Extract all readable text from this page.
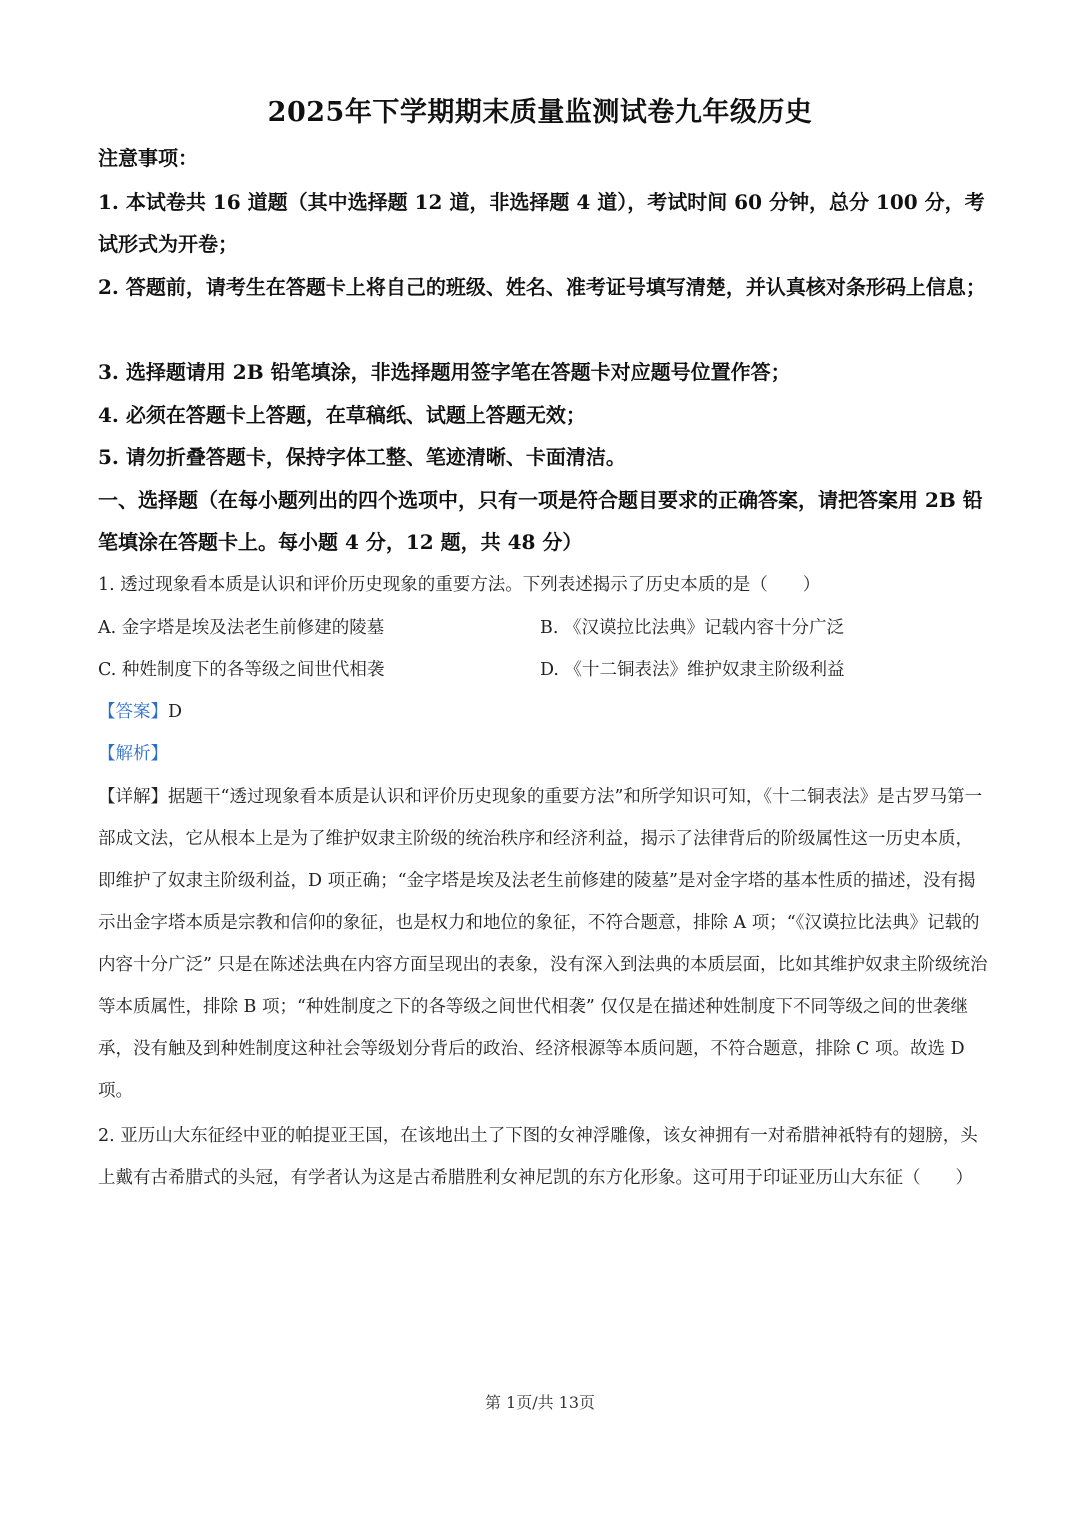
2025年下学期期末质量监测试卷九年级历史
注意事项：
1. 本试卷共 16 道题（其中选择题 12 道，非选择题 4 道），考试时间 60 分钟，总分 100 分，考试形式为开卷；
2. 答题前，请考生在答题卡上将自己的班级、姓名、准考证号填写清楚，并认真核对条形码上信息；
3. 选择题请用 2B 铅笔填涂，非选择题用签字笔在答题卡对应题号位置作答；
4. 必须在答题卡上答题，在草稿纸、试题上答题无效；
5. 请勿折叠答题卡，保持字体工整、笔迹清晰、卡面清洁。
一、选择题（在每小题列出的四个选项中，只有一项是符合题目要求的正确答案，请把答案用 2B 铅笔填涂在答题卡上。每小题 4 分，12 题，共 48 分）
1. 透过现象看本质是认识和评价历史现象的重要方法。下列表述揭示了历史本质的是（　　）
A. 金字塔是埃及法老生前修建的陵墓	B. 《汉谟拉比法典》记载内容十分广泛
C. 种姓制度下的各等级之间世代相袭	D. 《十二铜表法》维护奴隶主阶级利益
【答案】D
【解析】
【详解】据题干“透过现象看本质是认识和评价历史现象的重要方法”和所学知识可知，《十二铜表法》是古罗马第一部成文法，它从根本上是为了维护奴隶主阶级的统治秩序和经济利益，揭示了法律背后的阶级属性这一历史本质，即维护了奴隶主阶级利益，D 项正确；“金字塔是埃及法老生前修建的陵墓”是对金字塔的基本性质的描述，没有揭示出金字塔本质是宗教和信仰的象征，也是权力和地位的象征，不符合题意，排除 A 项；“《汉谟拉比法典》记载的内容十分广泛” 只是在陈述法典在内容方面呈现出的表象，没有深入到法典的本质层面，比如其维护奴隶主阶级统治等本质属性，排除 B 项；“种姓制度之下的各等级之间世代相袭” 仅仅是在描述种姓制度下不同等级之间的世袭继承，没有触及到种姓制度这种社会等级划分背后的政治、经济根源等本质问题，不符合题意，排除 C 项。故选 D 项。
2. 亚历山大东征经中亚的帕提亚王国，在该地出土了下图的女神浮雕像，该女神拥有一对希腊神祇特有的翅膀，头上戴有古希腊式的头冠，有学者认为这是古希腊胜利女神尼凯的东方化形象。这可用于印证亚历山大东征（　　）
第 1页/共 13页
